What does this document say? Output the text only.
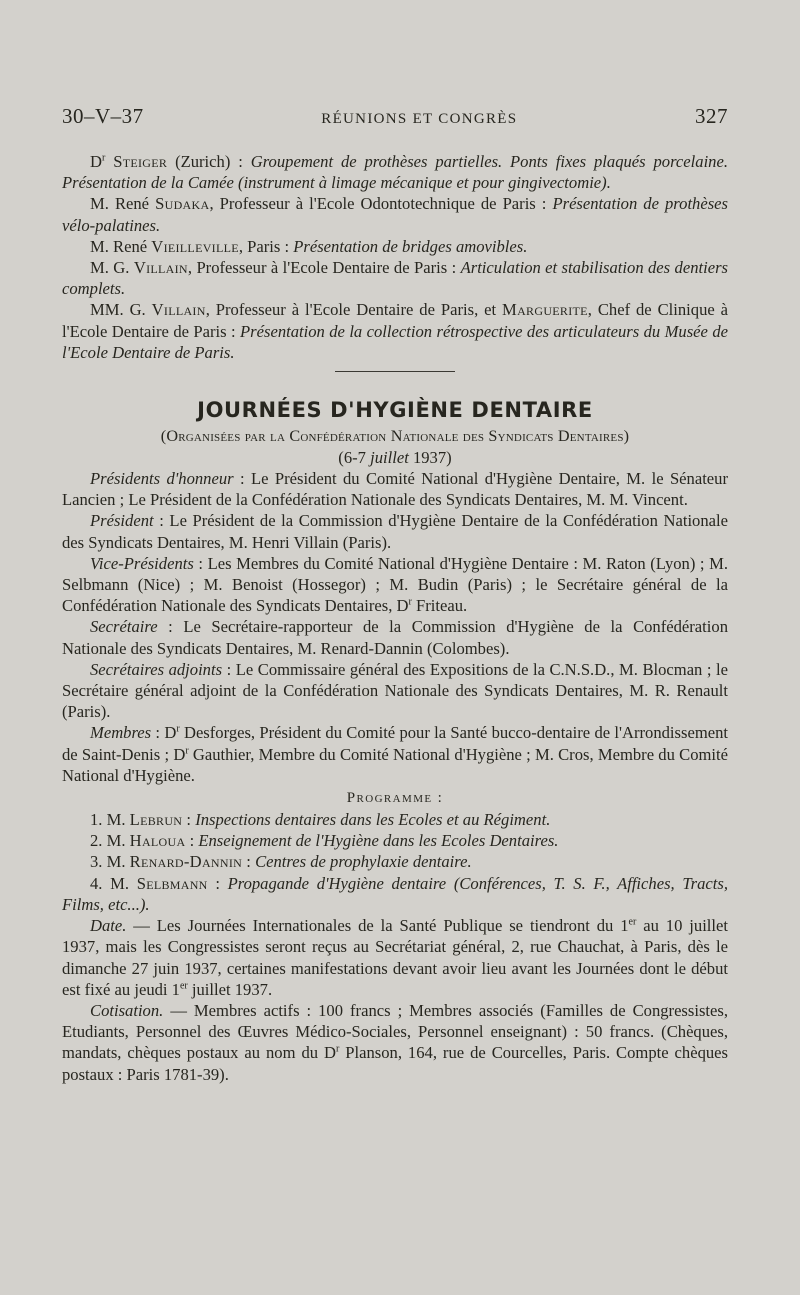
30–V–37	RÉUNIONS ET CONGRÈS	327

$D^r$ Steiger (Zurich) : Groupement de prothèses partielles. Ponts fixes plaqués porcelaine. Présentation de la Camée (instrument à limage mécanique et pour gingivectomie).

M. René Sudaka, Professeur à l'Ecole Odontotechnique de Paris : Présentation de prothèses vélo-palatines.

M. René Vieilleville, Paris : Présentation de bridges amovibles.

M. G. Villain, Professeur à l'Ecole Dentaire de Paris : Articulation et stabilisation des dentiers complets.

MM. G. Villain, Professeur à l'Ecole Dentaire de Paris, et Marguerite, Chef de Clinique à l'Ecole Dentaire de Paris : Présentation de la collection rétrospective des articulateurs du Musée de l'Ecole Dentaire de Paris.

JOURNÉES D'HYGIÈNE DENTAIRE
(Organisées par la Confédération Nationale des Syndicats Dentaires)
(6-7 juillet 1937)

Présidents d'honneur : Le Président du Comité National d'Hygiène Dentaire, M. le Sénateur Lancien ; Le Président de la Confédération Nationale des Syndicats Dentaires, M. M. Vincent.

Président : Le Président de la Commission d'Hygiène Dentaire de la Confédération Nationale des Syndicats Dentaires, M. Henri Villain (Paris).

Vice-Présidents : Les Membres du Comité National d'Hygiène Dentaire : M. Raton (Lyon) ; M. Selbmann (Nice) ; M. Benoist (Hossegor) ; M. Budin (Paris) ; le Secrétaire général de la Confédération Nationale des Syndicats Dentaires, $D^r$ Friteau.

Secrétaire : Le Secrétaire-rapporteur de la Commission d'Hygiène de la Confédération Nationale des Syndicats Dentaires, M. Renard-Dannin (Colombes).

Secrétaires adjoints : Le Commissaire général des Expositions de la C.N.S.D., M. Blocman ; le Secrétaire général adjoint de la Confédération Nationale des Syndicats Dentaires, M. R. Renault (Paris).

Membres : $D^r$ Desforges, Président du Comité pour la Santé bucco-dentaire de l'Arrondissement de Saint-Denis ; $D^r$ Gauthier, Membre du Comité National d'Hygiène ; M. Cros, Membre du Comité National d'Hygiène.

Programme :

1. M. Lebrun : Inspections dentaires dans les Ecoles et au Régiment.

2. M. Haloua : Enseignement de l'Hygiène dans les Ecoles Dentaires.

3. M. Renard-Dannin : Centres de prophylaxie dentaire.

4. M. Selbmann : Propagande d'Hygiène dentaire (Conférences, T. S. F., Affiches, Tracts, Films, etc...).

Date. — Les Journées Internationales de la Santé Publique se tiendront du 1er au 10 juillet 1937, mais les Congressistes seront reçus au Secrétariat général, 2, rue Chauchat, à Paris, dès le dimanche 27 juin 1937, certaines manifestations devant avoir lieu avant les Journées dont le début est fixé au jeudi 1er juillet 1937.

Cotisation. — Membres actifs : 100 francs ; Membres associés (Familles de Congressistes, Etudiants, Personnel des Œuvres Médico-Sociales, Personnel enseignant) : 50 francs. (Chèques, mandats, chèques postaux au nom du $D^r$ Planson, 164, rue de Courcelles, Paris. Compte chèques postaux : Paris 1781-39).
